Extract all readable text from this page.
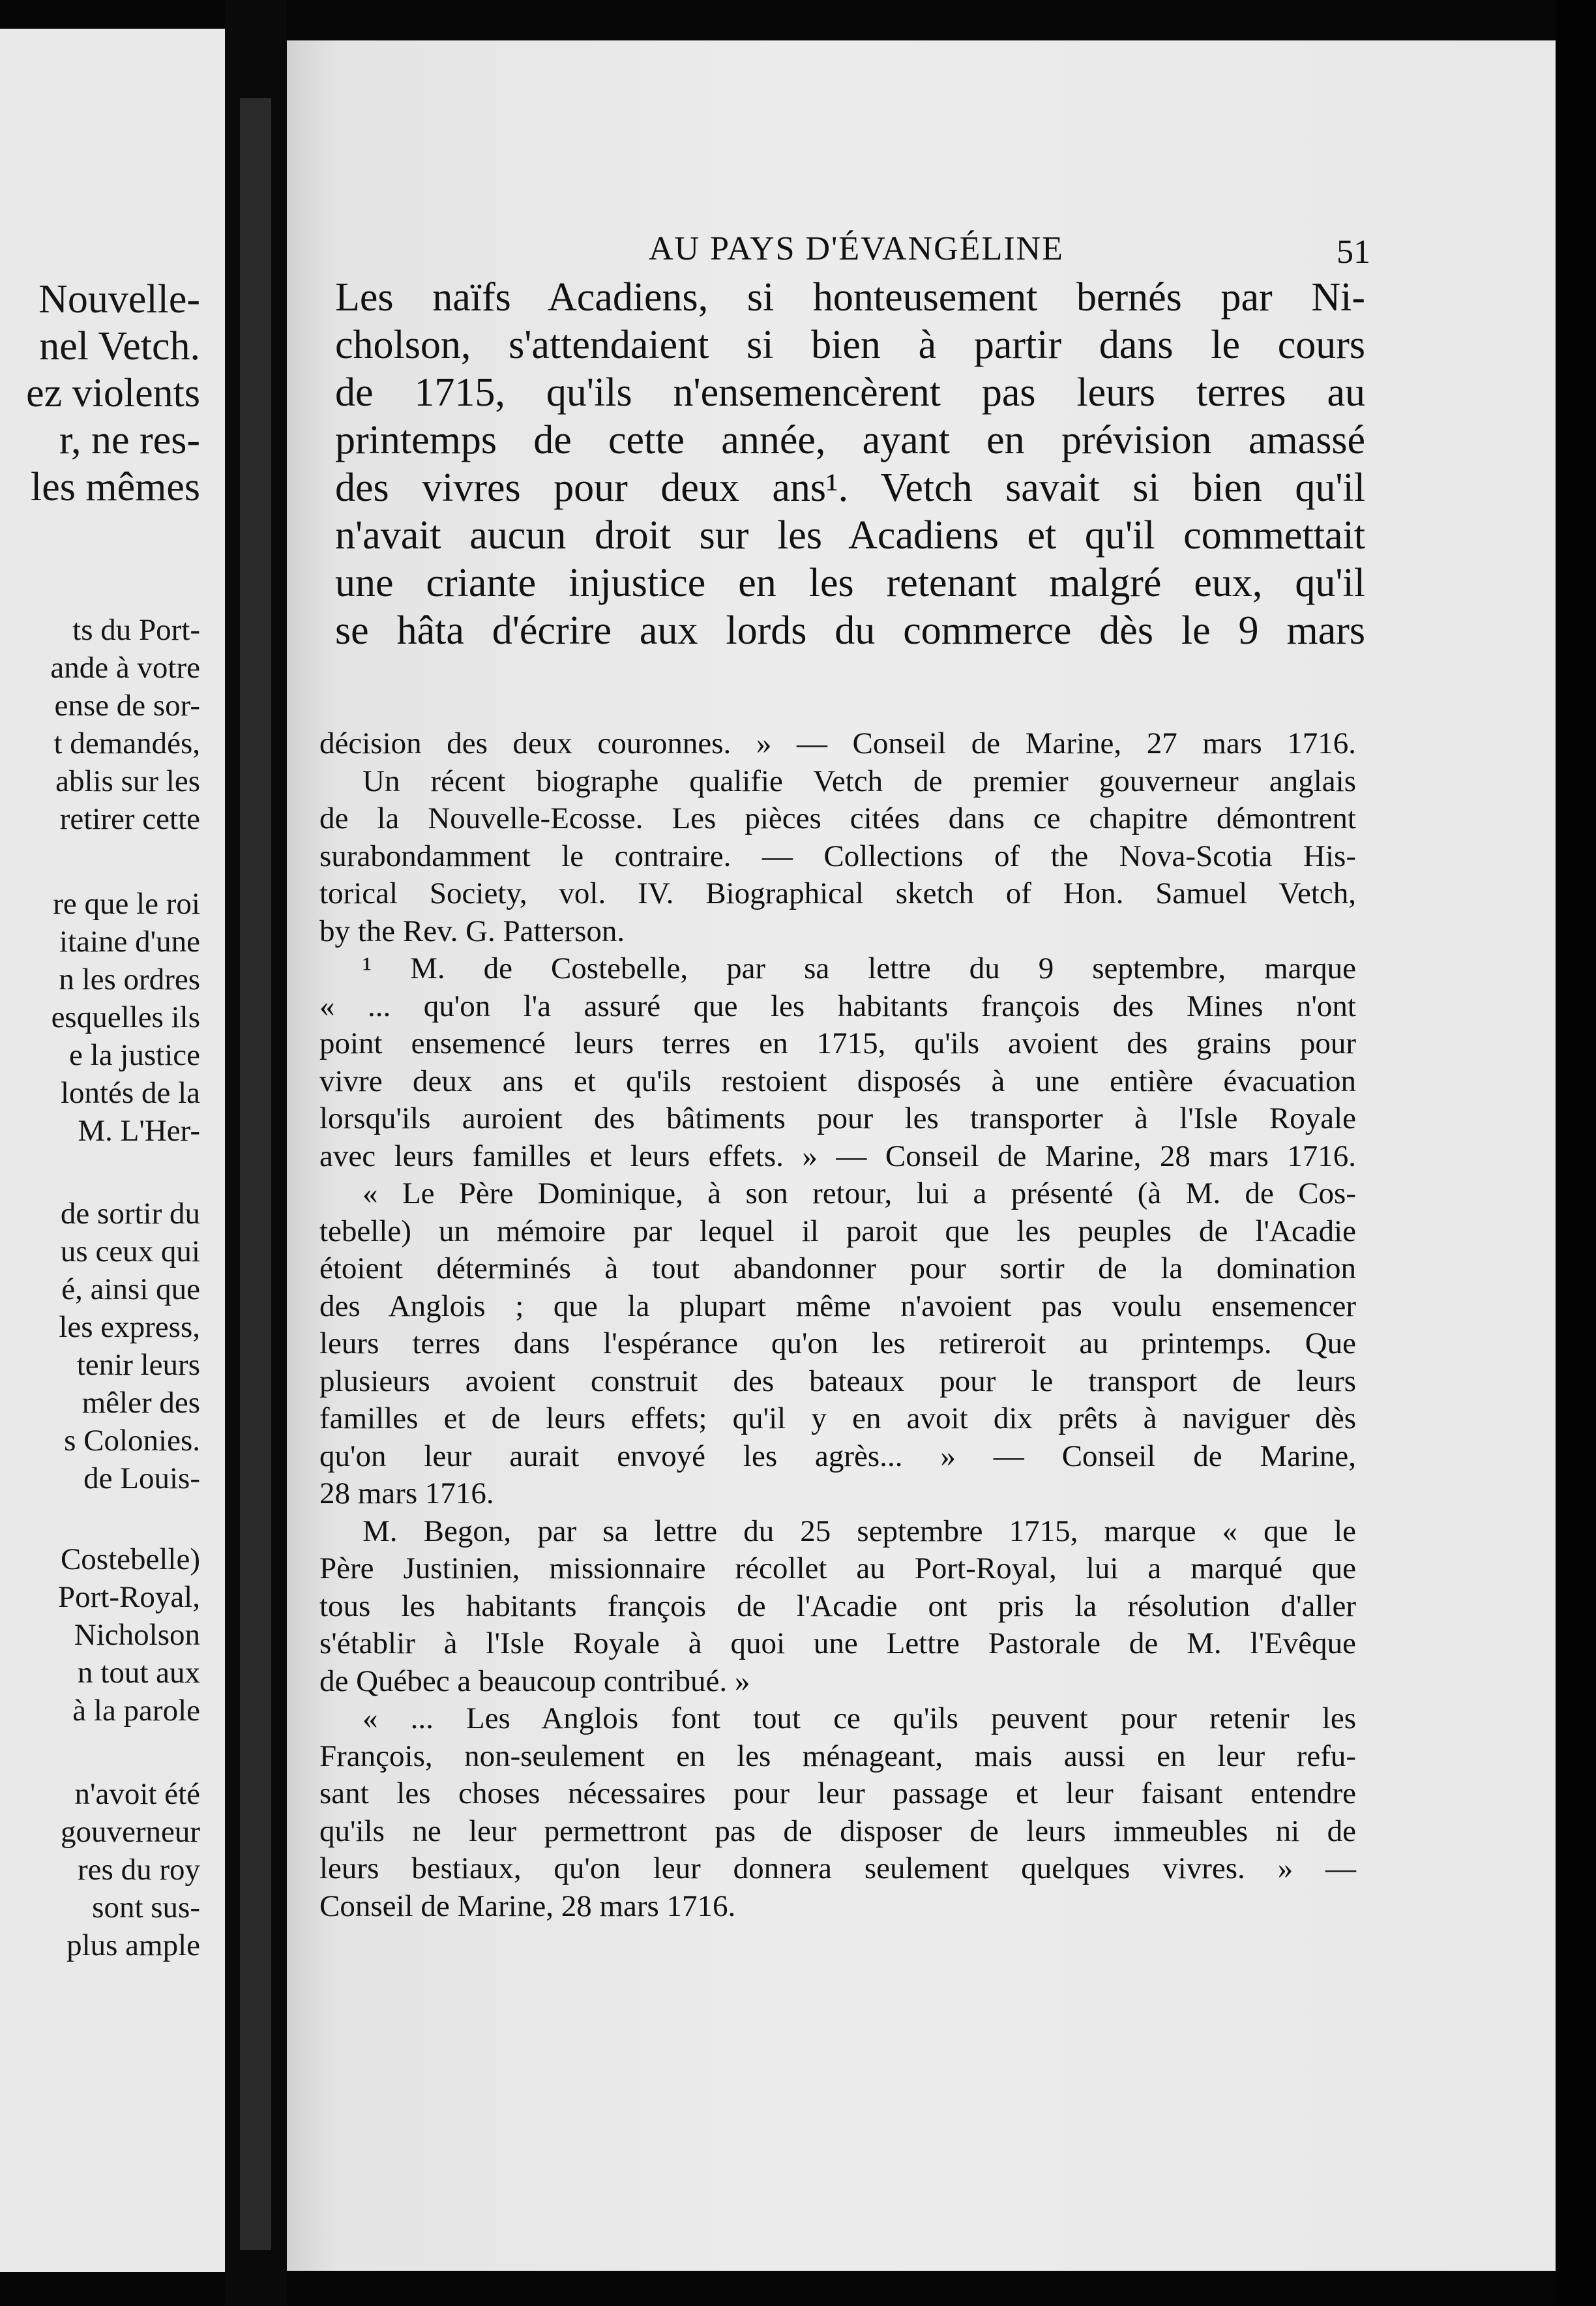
Nouvelle-
nel Vetch.
ez violents
r, ne res-
les mêmes
ts du Port-
ande à votre
ense de sor-
t demandés,
ablis sur les
retirer cette
re que le roi
itaine d'une
n les ordres
esquelles ils
e la justice
lontés de la
M. L'Her-
de sortir du
us ceux qui
é, ainsi que
les express,
tenir leurs
mêler des
s Colonies.
de Louis-
Costebelle)
Port-Royal,
Nicholson
n tout aux
à la parole
n'avoit été
gouverneur
res du roy
sont sus-
plus ample
AU PAYS D'ÉVANGÉLINE	51
Les naïfs Acadiens, si honteusement bernés par Ni-
cholson, s'attendaient si bien à partir dans le cours
de 1715, qu'ils n'ensemencèrent pas leurs terres au
printemps de cette année, ayant en prévision amassé
des vivres pour deux ans¹. Vetch savait si bien qu'il
n'avait aucun droit sur les Acadiens et qu'il commettait
une criante injustice en les retenant malgré eux, qu'il
se hâta d'écrire aux lords du commerce dès le 9 mars
décision des deux couronnes. » — Conseil de Marine, 27 mars 1716.
Un récent biographe qualifie Vetch de premier gouverneur anglais
de la Nouvelle-Ecosse. Les pièces citées dans ce chapitre démontrent
surabondamment le contraire. — Collections of the Nova-Scotia His-
torical Society, vol. IV. Biographical sketch of Hon. Samuel Vetch,
by the Rev. G. Patterson.
¹ M. de Costebelle, par sa lettre du 9 septembre, marque
« ... qu'on l'a assuré que les habitants françois des Mines n'ont
point ensemencé leurs terres en 1715, qu'ils avoient des grains pour
vivre deux ans et qu'ils restoient disposés à une entière évacuation
lorsqu'ils auroient des bâtiments pour les transporter à l'Isle Royale
avec leurs familles et leurs effets. » — Conseil de Marine, 28 mars 1716.
« Le Père Dominique, à son retour, lui a présenté (à M. de Cos-
tebelle) un mémoire par lequel il paroit que les peuples de l'Acadie
étoient déterminés à tout abandonner pour sortir de la domination
des Anglois ; que la plupart même n'avoient pas voulu ensemencer
leurs terres dans l'espérance qu'on les retireroit au printemps. Que
plusieurs avoient construit des bateaux pour le transport de leurs
familles et de leurs effets; qu'il y en avoit dix prêts à naviguer dès
qu'on leur aurait envoyé les agrès... » — Conseil de Marine,
28 mars 1716.
M. Begon, par sa lettre du 25 septembre 1715, marque « que le
Père Justinien, missionnaire récollet au Port-Royal, lui a marqué que
tous les habitants françois de l'Acadie ont pris la résolution d'aller
s'établir à l'Isle Royale à quoi une Lettre Pastorale de M. l'Evêque
de Québec a beaucoup contribué. »
« ... Les Anglois font tout ce qu'ils peuvent pour retenir les
François, non-seulement en les ménageant, mais aussi en leur refu-
sant les choses nécessaires pour leur passage et leur faisant entendre
qu'ils ne leur permettront pas de disposer de leurs immeubles ni de
leurs bestiaux, qu'on leur donnera seulement quelques vivres. » —
Conseil de Marine, 28 mars 1716.
